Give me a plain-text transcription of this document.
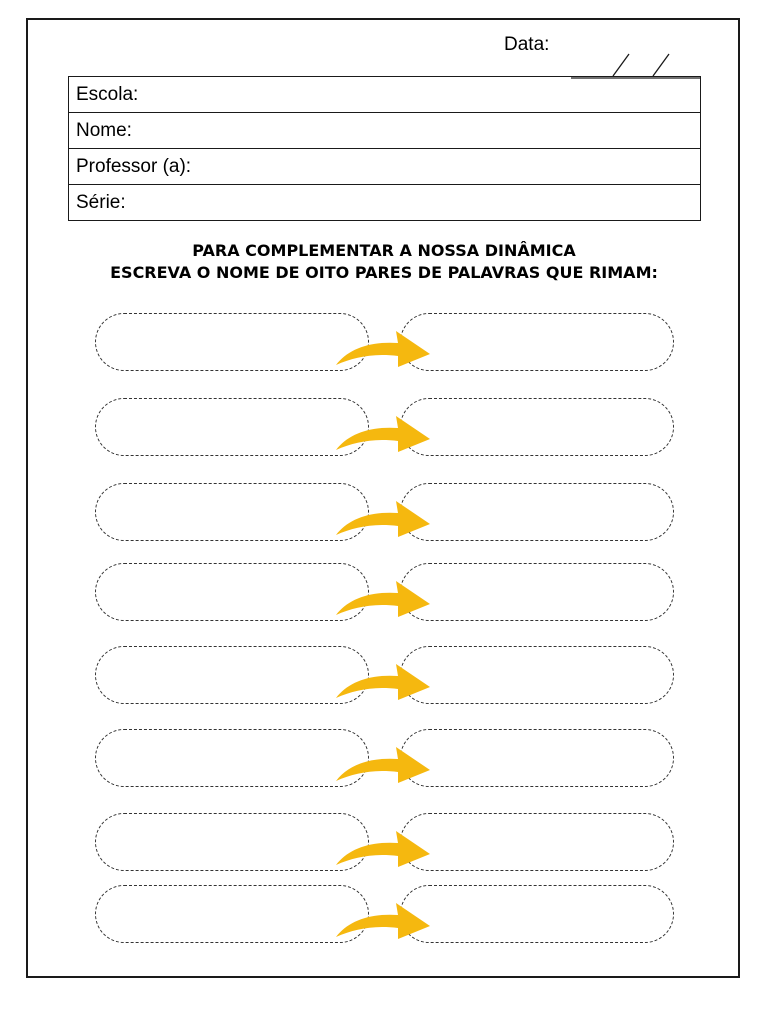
Data:
Escola:
Nome:
Professor (a):
Série:
PARA COMPLEMENTAR A NOSSA DINÂMICA
ESCREVA O NOME DE OITO PARES DE PALAVRAS QUE RIMAM:
